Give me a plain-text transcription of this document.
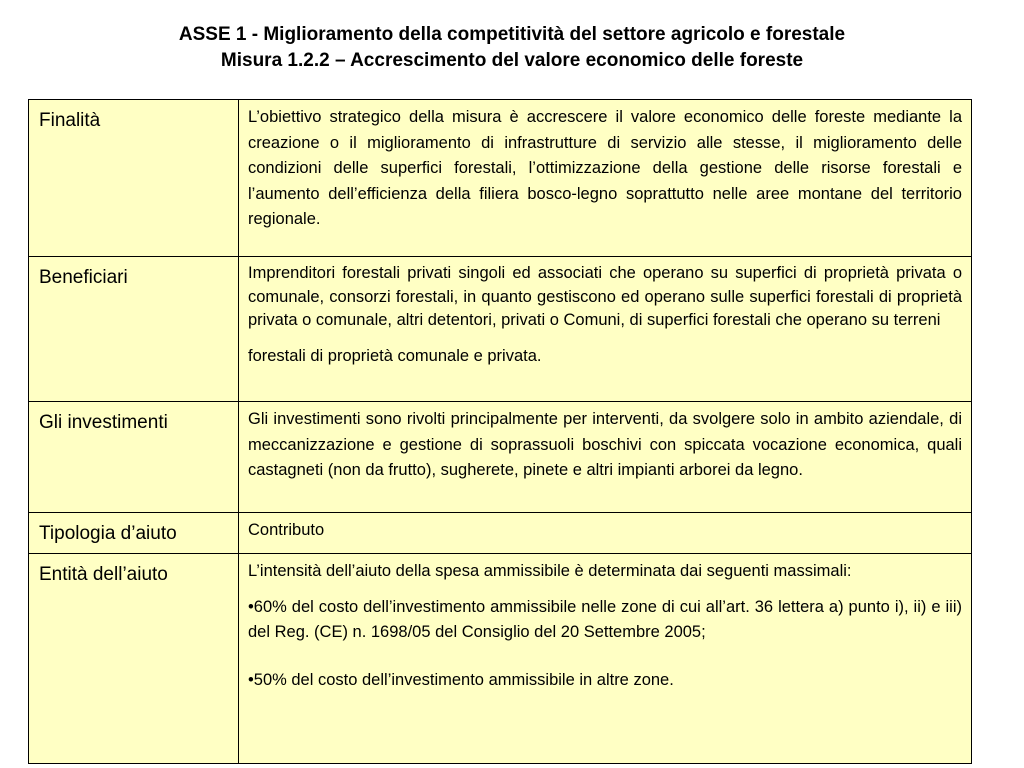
ASSE 1 - Miglioramento della competitività del settore agricolo e forestale
Misura 1.2.2 – Accrescimento del valore economico delle foreste
Finalità	L’obiettivo strategico della misura è accrescere il valore economico delle foreste mediante la creazione o il miglioramento di infrastrutture di servizio alle stesse, il miglioramento delle condizioni delle superfici forestali, l’ottimizzazione della gestione delle risorse forestali e l’aumento dell’efficienza della filiera bosco-legno soprattutto nelle aree montane del territorio regionale.

Beneficiari	Imprenditori forestali privati singoli ed associati che operano su superfici di proprietà privata o comunale, consorzi forestali, in quanto gestiscono ed operano sulle superfici forestali di proprietà privata o comunale, altri detentori, privati o Comuni, di superfici forestali che operano su terreni

forestali di proprietà comunale e privata.

Gli investimenti	Gli investimenti sono rivolti principalmente per interventi, da svolgere solo in ambito aziendale, di meccanizzazione e gestione di soprassuoli boschivi con spiccata vocazione economica, quali castagneti (non da frutto), sugherete, pinete e altri impianti arborei da legno.

Tipologia d’aiuto	Contributo

Entità dell’aiuto	L’intensità dell’aiuto della spesa ammissibile è determinata dai seguenti massimali:

•60% del costo dell’investimento ammissibile nelle zone di cui all’art. 36 lettera a) punto i), ii) e iii) del Reg. (CE) n. 1698/05 del Consiglio del 20 Settembre 2005;

•50% del costo dell’investimento ammissibile in altre zone.
